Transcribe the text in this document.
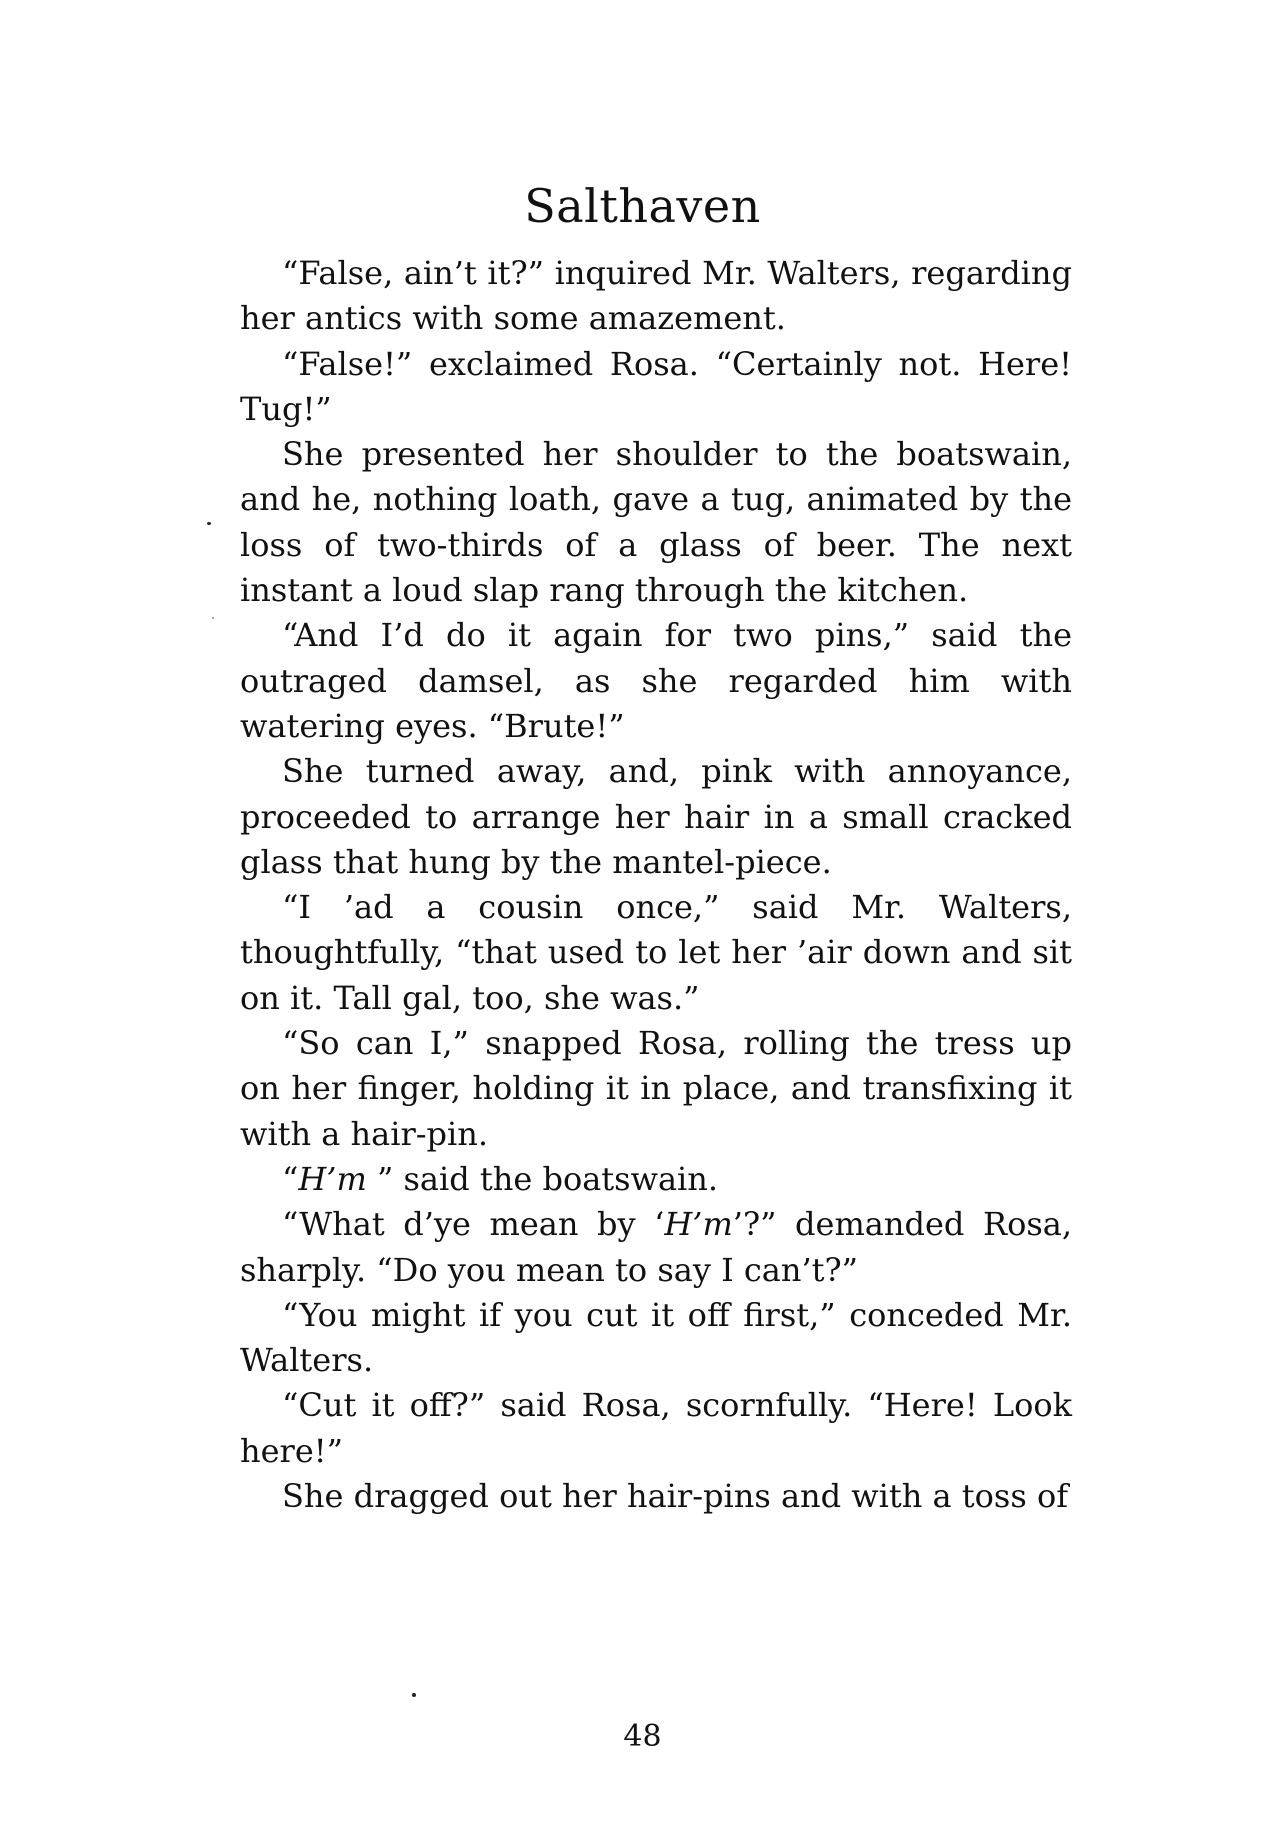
Salthaven

“False, ain’t it?” inquired Mr. Walters, regarding her antics with some amazement.

“False!” exclaimed Rosa. “Certainly not. Here! Tug!”

She presented her shoulder to the boatswain, and he, nothing loath, gave a tug, animated by the loss of two-thirds of a glass of beer. The next instant a loud slap rang through the kitchen.

“And I’d do it again for two pins,” said the outraged damsel, as she regarded him with watering eyes. “Brute!”

She turned away, and, pink with annoyance, proceeded to arrange her hair in a small cracked glass that hung by the mantel-piece.

“I ’ad a cousin once,” said Mr. Walters, thoughtfully, “that used to let her ’air down and sit on it. Tall gal, too, she was.”

“So can I,” snapped Rosa, rolling the tress up on her finger, holding it in place, and transfixing it with a hair-pin.

“H’m ” said the boatswain.

“What d’ye mean by ‘H’m’?” demanded Rosa, sharply. “Do you mean to say I can’t?”

“You might if you cut it off first,” conceded Mr. Walters.

“Cut it off?” said Rosa, scornfully. “Here! Look here!”

She dragged out her hair-pins and with a toss of

48
